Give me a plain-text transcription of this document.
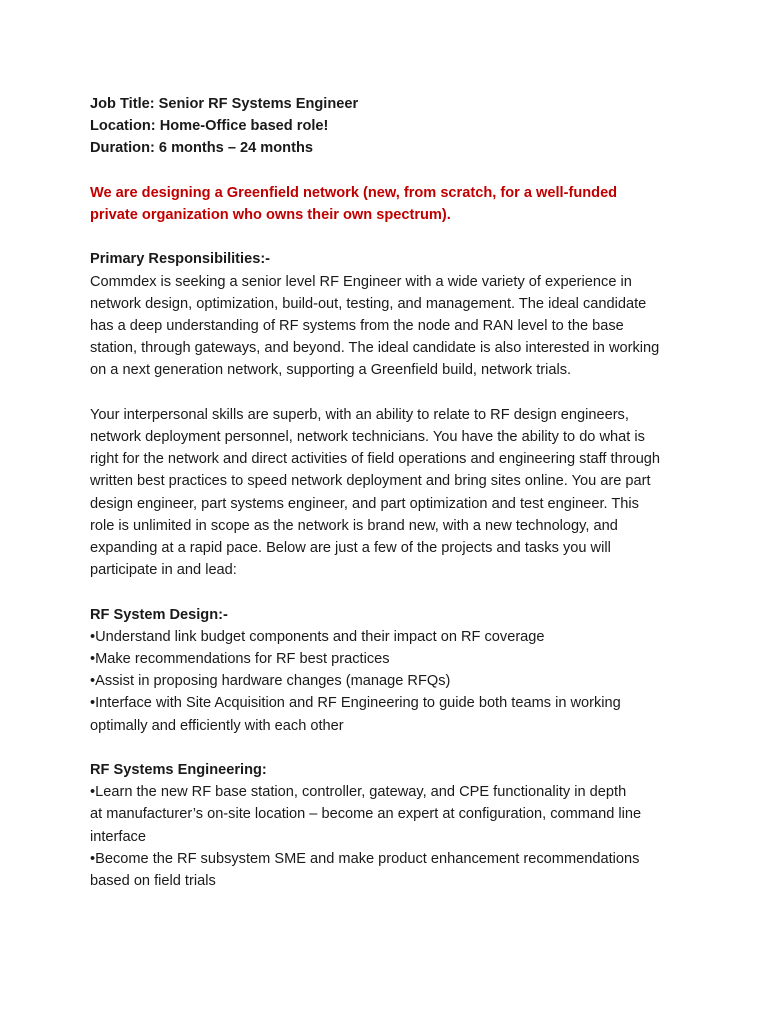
Job Title: Senior RF Systems Engineer
Location: Home-Office based role!
Duration: 6 months – 24 months
We are designing a Greenfield network (new, from scratch, for a well-funded
private organization who owns their own spectrum).
Primary Responsibilities:-
Commdex is seeking a senior level RF Engineer with a wide variety of experience in
network design, optimization, build-out, testing, and management. The ideal candidate
has a deep understanding of RF systems from the node and RAN level to the base
station, through gateways, and beyond. The ideal candidate is also interested in working
on a next generation network, supporting a Greenfield build, network trials.
Your interpersonal skills are superb, with an ability to relate to RF design engineers,
network deployment personnel, network technicians. You have the ability to do what is
right for the network and direct activities of field operations and engineering staff through
written best practices to speed network deployment and bring sites online. You are part
design engineer, part systems engineer, and part optimization and test engineer. This
role is unlimited in scope as the network is brand new, with a new technology, and
expanding at a rapid pace. Below are just a few of the projects and tasks you will
participate in and lead:
RF System Design:-
•Understand link budget components and their impact on RF coverage
•Make recommendations for RF best practices
•Assist in proposing hardware changes (manage RFQs)
•Interface with Site Acquisition and RF Engineering to guide both teams in working
optimally and efficiently with each other
RF Systems Engineering:
•Learn the new RF base station, controller, gateway, and CPE functionality in depth
at manufacturer’s on-site location – become an expert at configuration, command line
interface
•Become the RF subsystem SME and make product enhancement recommendations
based on field trials
